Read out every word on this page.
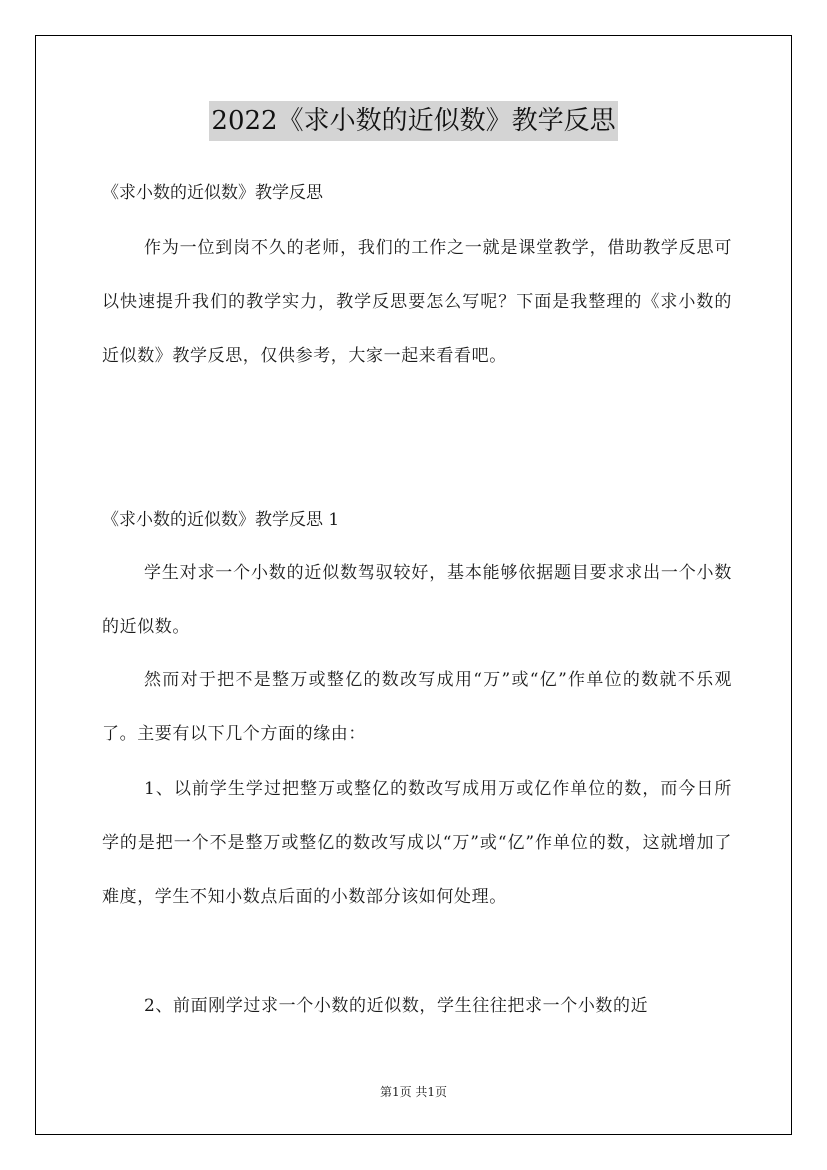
2022《求小数的近似数》教学反思
《求小数的近似数》教学反思
作为一位到岗不久的老师，我们的工作之一就是课堂教学，借助教学反思可以快速提升我们的教学实力，教学反思要怎么写呢？下面是我整理的《求小数的近似数》教学反思，仅供参考，大家一起来看看吧。
《求小数的近似数》教学反思 1
学生对求一个小数的近似数驾驭较好，基本能够依据题目要求求出一个小数的近似数。
然而对于把不是整万或整亿的数改写成用“万”或“亿”作单位的数就不乐观了。主要有以下几个方面的缘由：
1、以前学生学过把整万或整亿的数改写成用万或亿作单位的数，而今日所学的是把一个不是整万或整亿的数改写成以“万”或“亿”作单位的数，这就增加了难度，学生不知小数点后面的小数部分该如何处理。
2、前面刚学过求一个小数的近似数，学生往往把求一个小数的近
第1页 共1页
